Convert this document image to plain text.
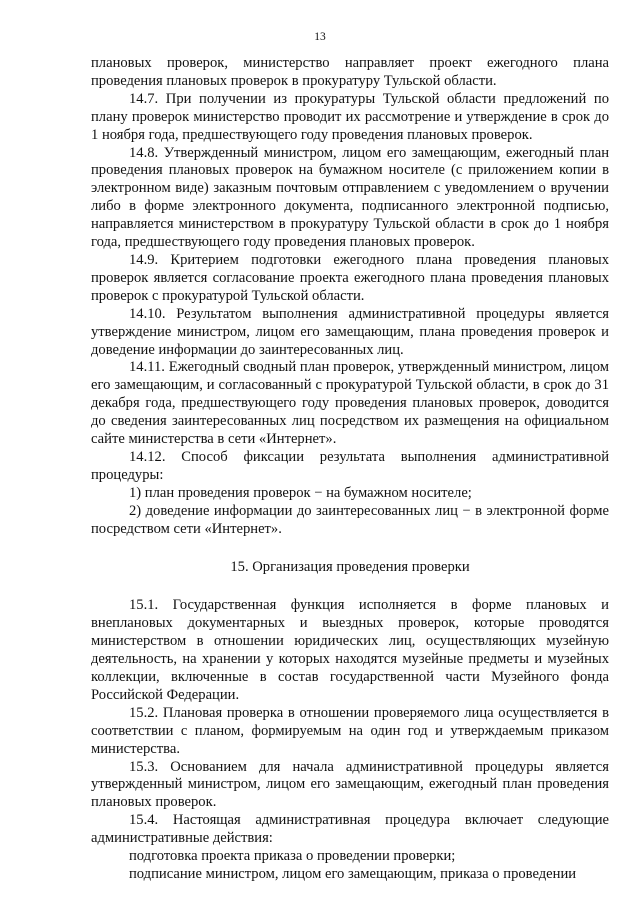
13

плановых проверок, министерство направляет проект ежегодного плана проведения плановых проверок в прокуратуру Тульской области.

14.7. При получении из прокуратуры Тульской области предложений по плану проверок министерство проводит их рассмотрение и утверждение в срок до 1 ноября года, предшествующего году проведения плановых проверок.

14.8. Утвержденный министром, лицом его замещающим, ежегодный план проведения плановых проверок на бумажном носителе (с приложением копии в электронном виде) заказным почтовым отправлением с уведомлением о вручении либо в форме электронного документа, подписанного электронной подписью, направляется министерством в прокуратуру Тульской области в срок до 1 ноября года, предшествующего году проведения плановых проверок.

14.9. Критерием подготовки ежегодного плана проведения плановых проверок является согласование проекта ежегодного плана проведения плановых проверок с прокуратурой Тульской области.

14.10. Результатом выполнения административной процедуры является утверждение министром, лицом его замещающим, плана проведения проверок и доведение информации до заинтересованных лиц.

14.11. Ежегодный сводный план проверок, утвержденный министром, лицом его замещающим, и согласованный с прокуратурой Тульской области, в срок до 31 декабря года, предшествующего году проведения плановых проверок, доводится до сведения заинтересованных лиц посредством их размещения на официальном сайте министерства в сети «Интернет».

14.12. Способ фиксации результата выполнения административной процедуры:

1) план проведения проверок − на бумажном носителе;

2) доведение информации до заинтересованных лиц − в электронной форме посредством сети «Интернет».

15. Организация проведения проверки

15.1. Государственная функция исполняется в форме плановых и внеплановых документарных и выездных проверок, которые проводятся министерством в отношении юридических лиц, осуществляющих музейную деятельность, на хранении у которых находятся музейные предметы и музейных коллекции, включенные в состав государственной части Музейного фонда Российской Федерации.

15.2. Плановая проверка в отношении проверяемого лица осуществляется в соответствии с планом, формируемым на один год и утверждаемым приказом министерства.

15.3. Основанием для начала административной процедуры является утвержденный министром, лицом его замещающим, ежегодный план проведения плановых проверок.

15.4. Настоящая административная процедура включает следующие административные действия:

подготовка проекта приказа о проведении проверки;

подписание министром, лицом его замещающим, приказа о проведении
